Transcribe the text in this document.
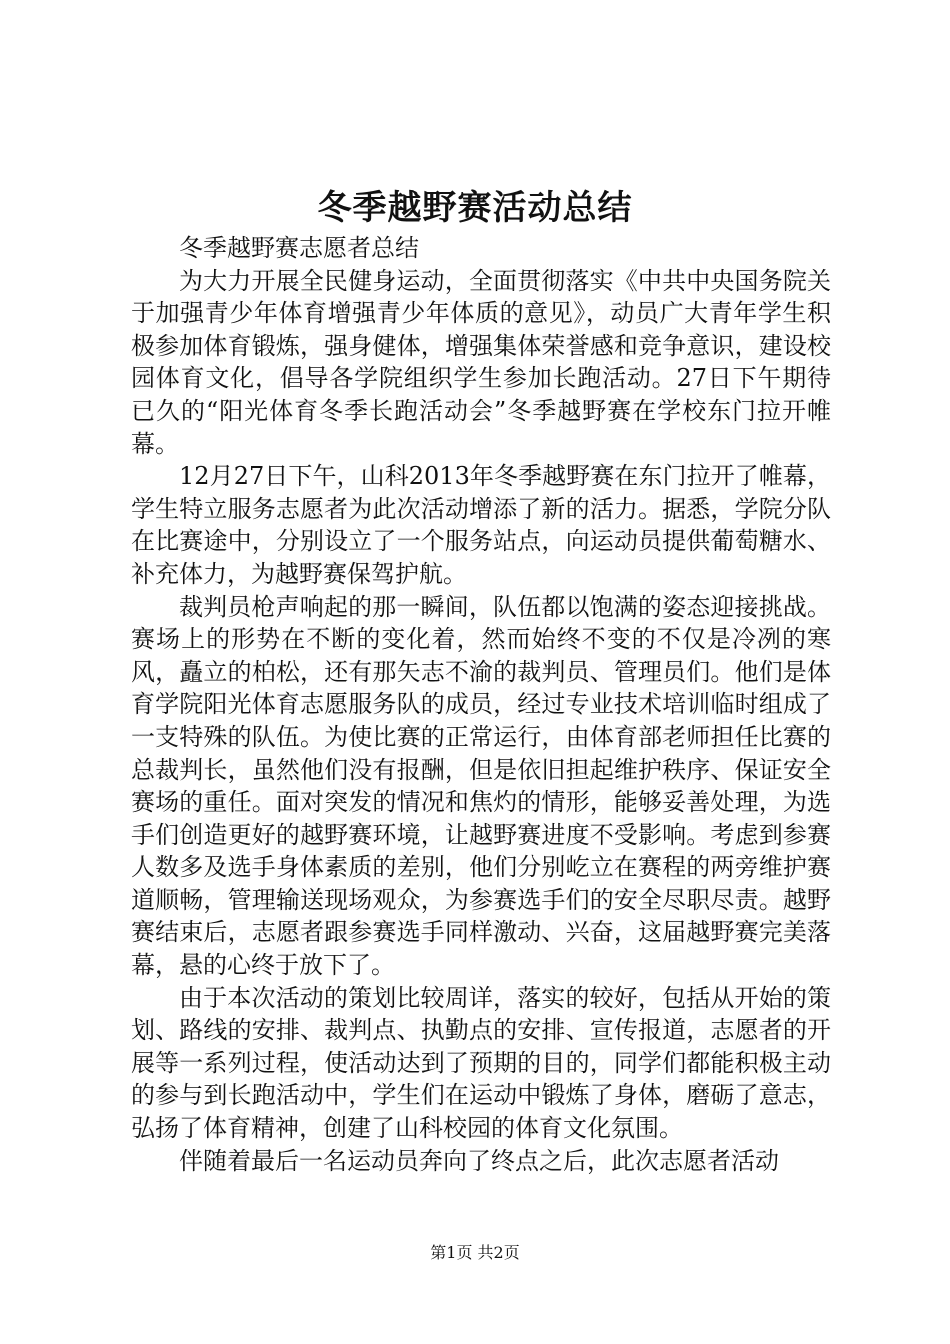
冬季越野赛活动总结

冬季越野赛志愿者总结

为大力开展全民健身运动，全面贯彻落实《中共中央国务院关于加强青少年体育增强青少年体质的意见》，动员广大青年学生积极参加体育锻炼，强身健体，增强集体荣誉感和竞争意识，建设校园体育文化，倡导各学院组织学生参加长跑活动。27日下午期待已久的“阳光体育冬季长跑活动会”冬季越野赛在学校东门拉开帷幕。

12月27日下午，山科2013年冬季越野赛在东门拉开了帷幕，学生特立服务志愿者为此次活动增添了新的活力。据悉，学院分队在比赛途中，分别设立了一个服务站点，向运动员提供葡萄糖水、补充体力，为越野赛保驾护航。

裁判员枪声响起的那一瞬间，队伍都以饱满的姿态迎接挑战。赛场上的形势在不断的变化着，然而始终不变的不仅是冷冽的寒风，矗立的柏松，还有那矢志不渝的裁判员、管理员们。他们是体育学院阳光体育志愿服务队的成员，经过专业技术培训临时组成了一支特殊的队伍。为使比赛的正常运行，由体育部老师担任比赛的总裁判长，虽然他们没有报酬，但是依旧担起维护秩序、保证安全赛场的重任。面对突发的情况和焦灼的情形，能够妥善处理，为选手们创造更好的越野赛环境，让越野赛进度不受影响。考虑到参赛人数多及选手身体素质的差别，他们分别屹立在赛程的两旁维护赛道顺畅，管理输送现场观众，为参赛选手们的安全尽职尽责。越野赛结束后，志愿者跟参赛选手同样激动、兴奋，这届越野赛完美落幕，悬的心终于放下了。

由于本次活动的策划比较周详，落实的较好，包括从开始的策划、路线的安排、裁判点、执勤点的安排、宣传报道，志愿者的开展等一系列过程，使活动达到了预期的目的，同学们都能积极主动的参与到长跑活动中，学生们在运动中锻炼了身体，磨砺了意志，弘扬了体育精神，创建了山科校园的体育文化氛围。

伴随着最后一名运动员奔向了终点之后，此次志愿者活动

第1页 共2页
